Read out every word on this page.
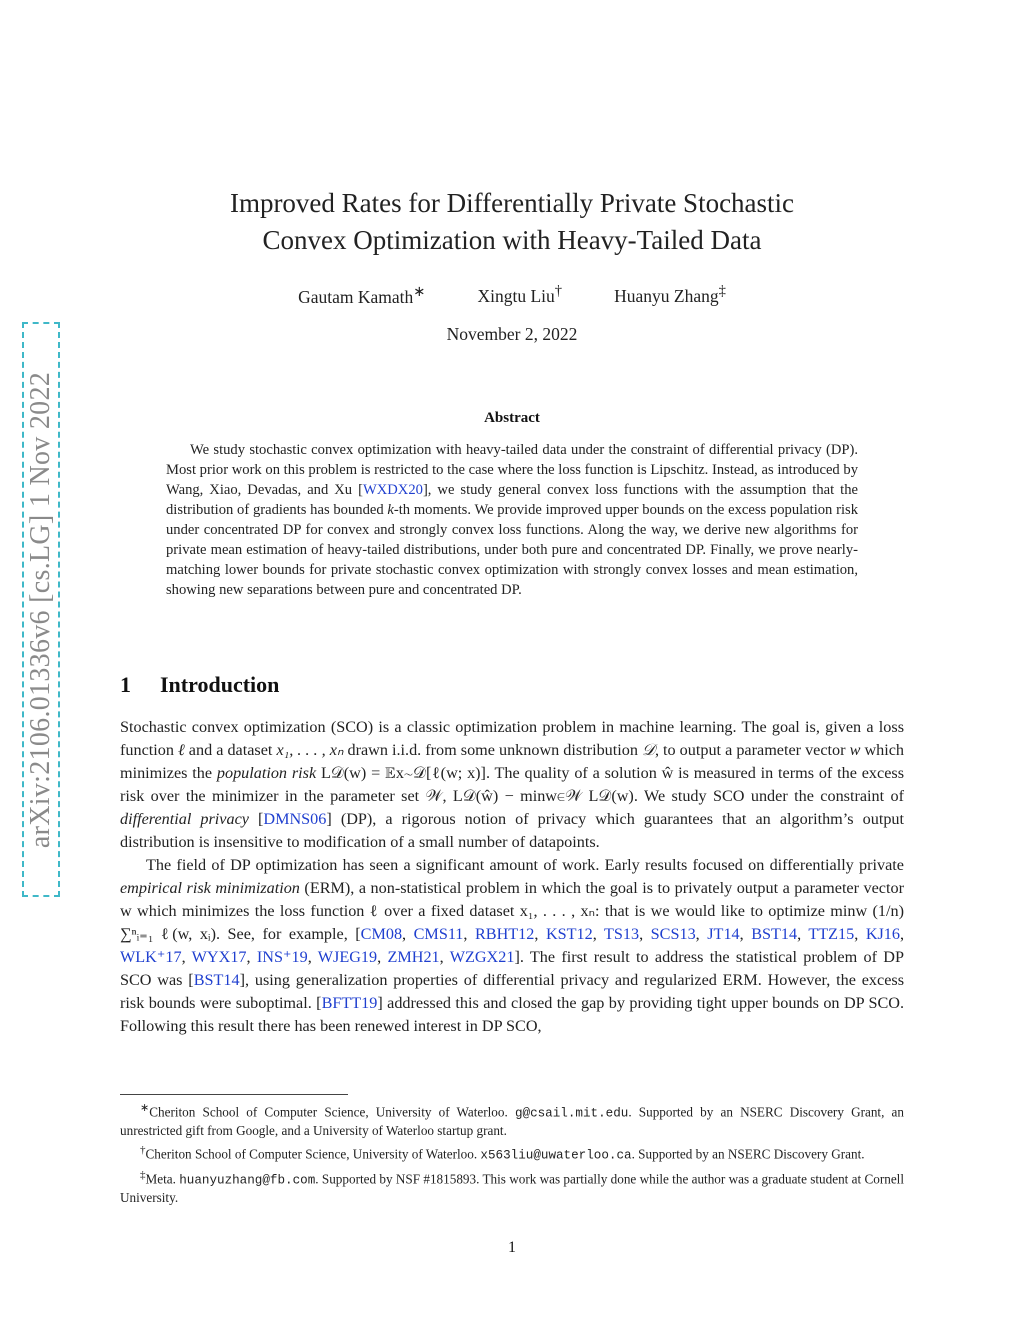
arXiv:2106.01336v6 [cs.LG] 1 Nov 2022
Improved Rates for Differentially Private Stochastic
Convex Optimization with Heavy-Tailed Data
Gautam Kamath∗	Xingtu Liu†	Huanyu Zhang‡
November 2, 2022
Abstract

We study stochastic convex optimization with heavy-tailed data under the constraint of differential privacy (DP). Most prior work on this problem is restricted to the case where the loss function is Lipschitz. Instead, as introduced by Wang, Xiao, Devadas, and Xu [WXDX20], we study general convex loss functions with the assumption that the distribution of gradients has bounded k-th moments. We provide improved upper bounds on the excess population risk under concentrated DP for convex and strongly convex loss functions. Along the way, we derive new algorithms for private mean estimation of heavy-tailed distributions, under both pure and concentrated DP. Finally, we prove nearly-matching lower bounds for private stochastic convex optimization with strongly convex losses and mean estimation, showing new separations between pure and concentrated DP.

1 Introduction

Stochastic convex optimization (SCO) is a classic optimization problem in machine learning. The goal is, given a loss function ℓ and a dataset x₁, . . . , xₙ drawn i.i.d. from some unknown distribution 𝒟, to output a parameter vector w which minimizes the population risk L𝒟(w) = 𝔼x∼𝒟[ℓ(w; x)]. The quality of a solution ŵ is measured in terms of the excess risk over the minimizer in the parameter set 𝒲, L𝒟(ŵ) − minw∈𝒲 L𝒟(w). We study SCO under the constraint of differential privacy [DMNS06] (DP), a rigorous notion of privacy which guarantees that an algorithm’s output distribution is insensitive to modification of a small number of datapoints.

The field of DP optimization has seen a significant amount of work. Early results focused on differentially private empirical risk minimization (ERM), a non-statistical problem in which the goal is to privately output a parameter vector w which minimizes the loss function ℓ over a fixed dataset x₁, . . . , xₙ: that is we would like to optimize minw (1/n) ∑ⁿᵢ₌₁ ℓ(w, xᵢ). See, for example, [CM08, CMS11, RBHT12, KST12, TS13, SCS13, JT14, BST14, TTZ15, KJ16, WLK⁺17, WYX17, INS⁺19, WJEG19, ZMH21, WZGX21]. The first result to address the statistical problem of DP SCO was [BST14], using generalization properties of differential privacy and regularized ERM. However, the excess risk bounds were suboptimal. [BFTT19] addressed this and closed the gap by providing tight upper bounds on DP SCO. Following this result there has been renewed interest in DP SCO,

∗Cheriton School of Computer Science, University of Waterloo. g@csail.mit.edu. Supported by an NSERC Discovery Grant, an unrestricted gift from Google, and a University of Waterloo startup grant.

†Cheriton School of Computer Science, University of Waterloo. x563liu@uwaterloo.ca. Supported by an NSERC Discovery Grant.

‡Meta. huanyuzhang@fb.com. Supported by NSF #1815893. This work was partially done while the author was a graduate student at Cornell University.

1
